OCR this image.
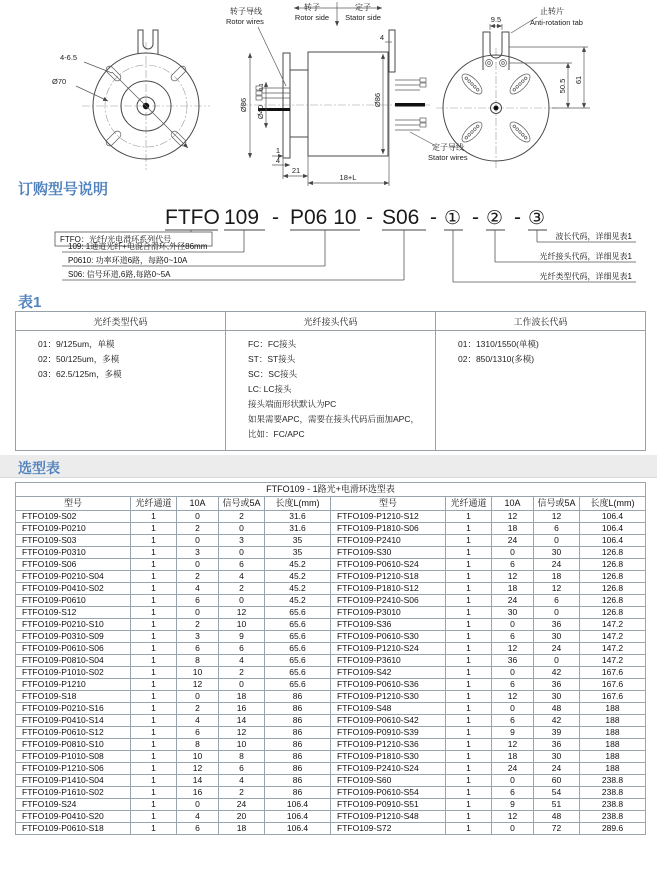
4-6.5
Ø70
转子
Rotor side
定子
Stator side
转子导线
Rotor wires
定子导线
Stator wires
Ø86 Ø40
-0.1
Ø86
4
1
4
21
18+L
9.5
止转片
Anti-rotation tab
50.5 61
订购型号说明
FTFO 109 - P06 10 - S06 - ① - ② - ③
FTFO：光纤/光电滑环系列代号
109: 1通道光纤+电混合滑环,外径86mm
P0610: 功率环道6路，每路0~10A
S06: 信号环道,6路,每路0~5A
波长代码，详细见表1
光纤接头代码，详细见表1
光纤类型代码，详细见表1
表1
光纤类型代码	光纤接头代码	工作波长代码

01：9/125um，单模
02：50/125um，多模
03：62.5/125m，多模

FC：FC接头
ST：ST接头
SC：SC接头
LC: LC接头
接头端面形状默认为PC
如果需要APC，需要在接头代码后面加APC，
比如：FC/APC

01：1310/1550(单模)
02：850/1310(多模)
选型表
FTFO109 - 1路光+电滑环选型表									
型号	光纤通道	10A	信号或5A	长度L(mm)	型号	光纤通道	10A	信号或5A	长度L(mm)
FTFO109-S02	1	0	2	31.6	FTFO109-P1210-S12	1	12	12	106.4
FTFO109-P0210	1	2	0	31.6	FTFO109-P1810-S06	1	18	6	106.4
FTFO109-S03	1	0	3	35	FTFO109-P2410	1	24	0	106.4
FTFO109-P0310	1	3	0	35	FTFO109-S30	1	0	30	126.8
FTFO109-S06	1	0	6	45.2	FTFO109-P0610-S24	1	6	24	126.8
FTFO109-P0210-S04	1	2	4	45.2	FTFO109-P1210-S18	1	12	18	126.8
FTFO109-P0410-S02	1	4	2	45.2	FTFO109-P1810-S12	1	18	12	126.8
FTFO109-P0610	1	6	0	45.2	FTFO109-P2410-S06	1	24	6	126.8
FTFO109-S12	1	0	12	65.6	FTFO109-P3010	1	30	0	126.8
FTFO109-P0210-S10	1	2	10	65.6	FTFO109-S36	1	0	36	147.2
FTFO109-P0310-S09	1	3	9	65.6	FTFO109-P0610-S30	1	6	30	147.2
FTFO109-P0610-S06	1	6	6	65.6	FTFO109-P1210-S24	1	12	24	147.2
FTFO109-P0810-S04	1	8	4	65.6	FTFO109-P3610	1	36	0	147.2
FTFO109-P1010-S02	1	10	2	65.6	FTFO109-S42	1	0	42	167.6
FTFO109-P1210	1	12	0	65.6	FTFO109-P0610-S36	1	6	36	167.6
FTFO109-S18	1	0	18	86	FTFO109-P1210-S30	1	12	30	167.6
FTFO109-P0210-S16	1	2	16	86	FTFO109-S48	1	0	48	188
FTFO109-P0410-S14	1	4	14	86	FTFO109-P0610-S42	1	6	42	188
FTFO109-P0610-S12	1	6	12	86	FTFO109-P0910-S39	1	9	39	188
FTFO109-P0810-S10	1	8	10	86	FTFO109-P1210-S36	1	12	36	188
FTFO109-P1010-S08	1	10	8	86	FTFO109-P1810-S30	1	18	30	188
FTFO109-P1210-S06	1	12	6	86	FTFO109-P2410-S24	1	24	24	188
FTFO109-P1410-S04	1	14	4	86	FTFO109-S60	1	0	60	238.8
FTFO109-P1610-S02	1	16	2	86	FTFO109-P0610-S54	1	6	54	238.8
FTFO109-S24	1	0	24	106.4	FTFO109-P0910-S51	1	9	51	238.8
FTFO109-P0410-S20	1	4	20	106.4	FTFO109-P1210-S48	1	12	48	238.8
FTFO109-P0610-S18	1	6	18	106.4	FTFO109-S72	1	0	72	289.6
